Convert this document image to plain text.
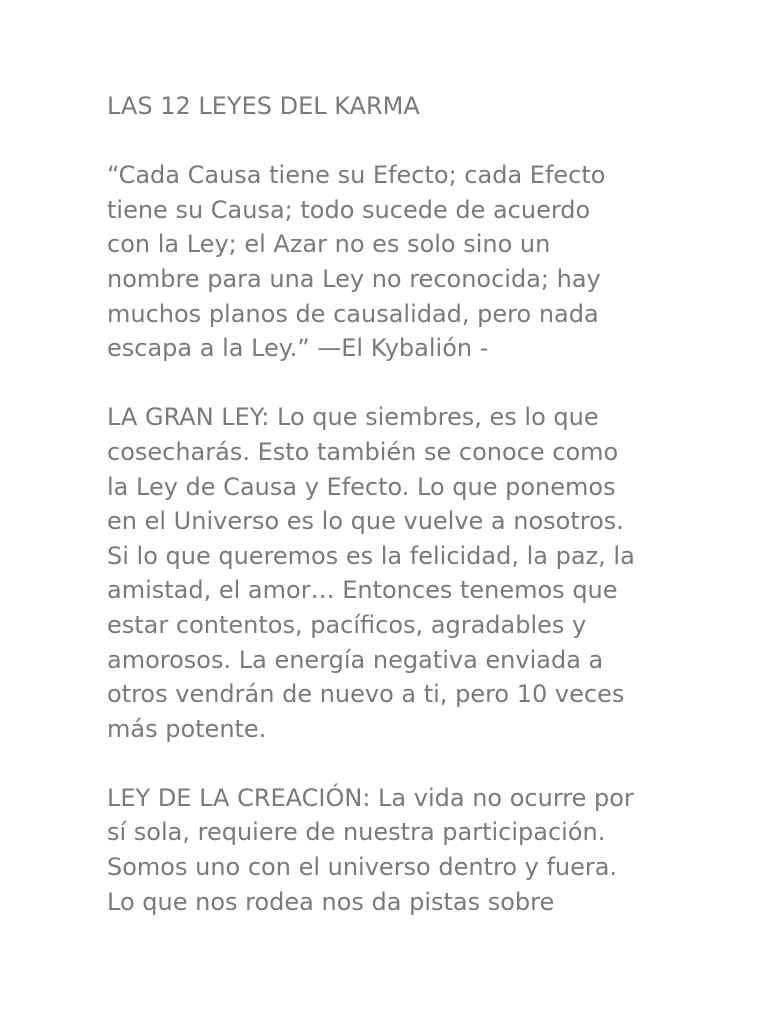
LAS 12 LEYES DEL KARMA

“Cada Causa tiene su Efecto; cada Efecto
tiene su Causa; todo sucede de acuerdo
con la Ley; el Azar no es solo sino un
nombre para una Ley no reconocida; hay
muchos planos de causalidad, pero nada
escapa a la Ley.” —El Kybalión -

LA GRAN LEY: Lo que siembres, es lo que
cosecharás. Esto también se conoce como
la Ley de Causa y Efecto. Lo que ponemos
en el Universo es lo que vuelve a nosotros.
Si lo que queremos es la felicidad, la paz, la
amistad, el amor… Entonces tenemos que
estar contentos, pacíficos, agradables y
amorosos. La energía negativa enviada a
otros vendrán de nuevo a ti, pero 10 veces
más potente.

LEY DE LA CREACIÓN: La vida no ocurre por
sí sola, requiere de nuestra participación.
Somos uno con el universo dentro y fuera.
Lo que nos rodea nos da pistas sobre
